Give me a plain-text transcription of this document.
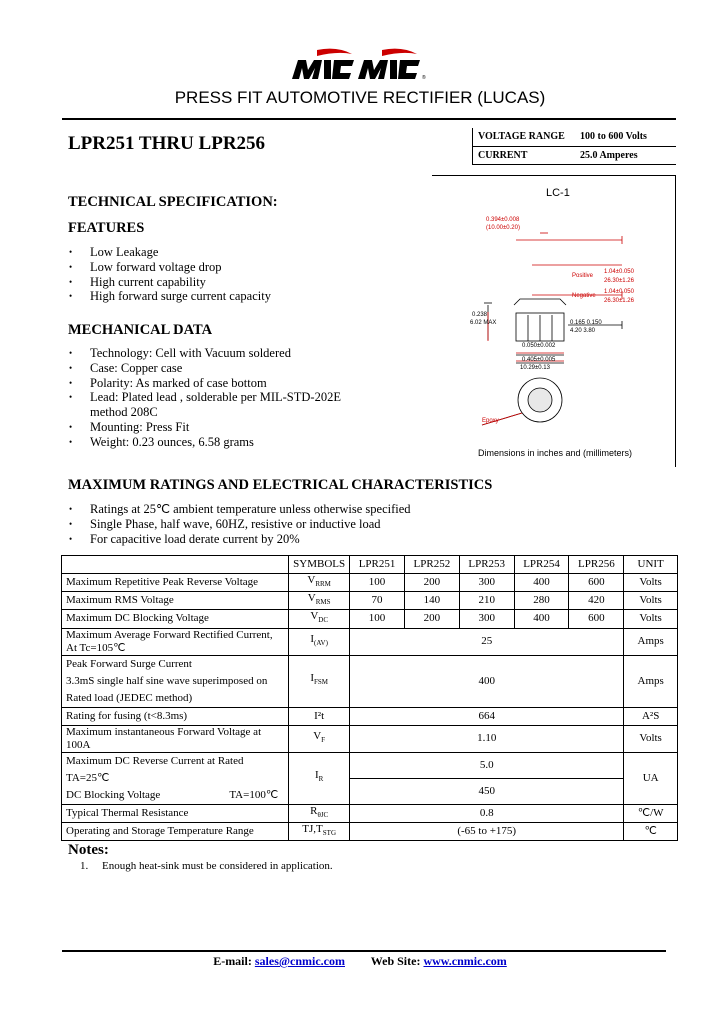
®
PRESS FIT AUTOMOTIVE RECTIFIER (LUCAS)
LPR251 THRU LPR256	VOLTAGE RANGE 100 to 600 Volts
CURRENT	25.0 Amperes
TECHNICAL SPECIFICATION:
FEATURES
• Low Leakage
• Low forward voltage drop
• High current capability
• High forward surge current capacity
MECHANICAL DATA
• Technology: Cell with Vacuum soldered
• Case: Copper case
• Polarity: As marked of case bottom
• Lead: Plated lead , solderable per MIL-STD-202E
method 208C
• Mounting: Press Fit
• Weight: 0.23 ounces, 6.58 grams
LC-1
0.394±0.008
(10.00±0.20)
Positive
1.04±0.050
26.30±1.26
Negative
1.04±0.050
26.30±1.26
0.238
6.02 MAX	0.165 0.150
4.20 3.80
0.050±0.002
0.405±0.005
10.29±0.13
Epoxy
Dimensions in inches and (millimeters)
MAXIMUM RATINGS AND ELECTRICAL CHARACTERISTICS
• Ratings at 25℃ ambient temperature unless otherwise specified
• Single Phase, half wave, 60HZ, resistive or inductive load
• For capacitive load derate current by 20%
	SYMBOLS	LPR251	LPR252	LPR253	LPR254	LPR256	UNIT
Maximum Repetitive Peak Reverse Voltage	$V_{RRM}$	100	200	300	400	600	Volts
Maximum RMS Voltage	$V_{RMS}$	70	140	210	280	420	Volts
Maximum DC Blocking Voltage	$V_{DC}$	100	200	300	400	600	Volts

Maximum Average Forward Rectified Current,
At Tc=105℃	$I_{(AV)}$	25					Amps

Peak Forward Surge Current
3.3mS single half sine wave superimposed on
Rated load (JEDEC method)	$I_{FSM}$	400					Amps
Rating for fusing (t<8.3ms)	I²t	664					A²S
Maximum instantaneous Forward Voltage at 100A	$V_F$	1.10					Volts

Maximum DC Reverse Current at Rated TA=25℃
DC Blocking Voltage TA=100℃	$I_R$	5.0					UA
		450					
Typical Thermal Resistance	$R_{\theta JC}$	0.8					℃/W
Operating and Storage Temperature Range	$TJ,T_{STG}$	(-65 to +175)					℃
Notes:
1.     Enough heat-sink must be considered in application.
E-mail: sales@cnmic.com Web Site: www.cnmic.com
